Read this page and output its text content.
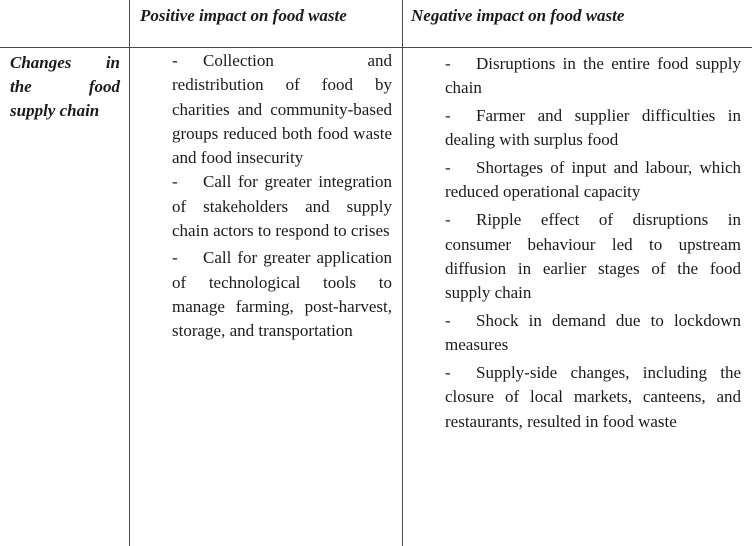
Positive impact on food waste	Negative impact on food waste
Changes in
the	food
supply chain

- Collection and redistribution of food by charities and community-based groups reduced both food waste and food insecurity

- Call for greater integration of stakeholders and supply chain actors to respond to crises

- Call for greater application of technological tools to manage farming, post-harvest, storage, and transportation

- Disruptions in the entire food supply chain

- Farmer and supplier difficulties in dealing with surplus food

- Shortages of input and labour, which reduced operational capacity

- Ripple effect of disruptions in consumer behaviour led to upstream diffusion in earlier stages of the food supply chain

- Shock in demand due to lockdown measures

- Supply-side changes, including the closure of local markets, canteens, and restaurants, resulted in food waste
